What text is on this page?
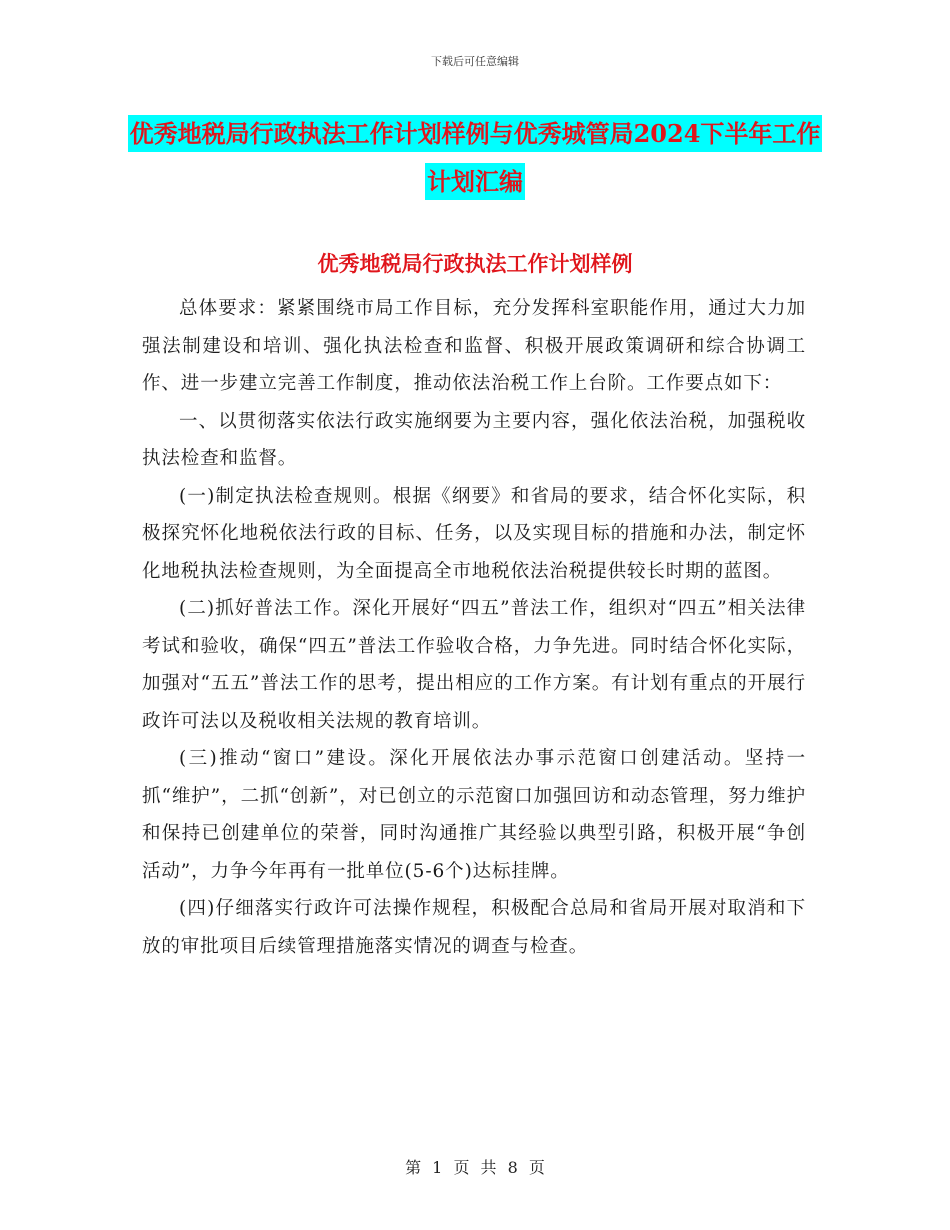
下载后可任意编辑
优秀地税局行政执法工作计划样例与优秀城管局2024下半年工作计划汇编
优秀地税局行政执法工作计划样例

总体要求：紧紧围绕市局工作目标，充分发挥科室职能作用，通过大力加强法制建设和培训、强化执法检查和监督、积极开展政策调研和综合协调工作、进一步建立完善工作制度，推动依法治税工作上台阶。工作要点如下：

一、以贯彻落实依法行政实施纲要为主要内容，强化依法治税，加强税收执法检查和监督。

(一)制定执法检查规则。根据《纲要》和省局的要求，结合怀化实际，积极探究怀化地税依法行政的目标、任务，以及实现目标的措施和办法，制定怀化地税执法检查规则，为全面提高全市地税依法治税提供较长时期的蓝图。

(二)抓好普法工作。深化开展好“四五”普法工作，组织对“四五”相关法律考试和验收，确保“四五”普法工作验收合格，力争先进。同时结合怀化实际，加强对“五五”普法工作的思考，提出相应的工作方案。有计划有重点的开展行政许可法以及税收相关法规的教育培训。

(三)推动“窗口”建设。深化开展依法办事示范窗口创建活动。坚持一抓“维护”，二抓“创新”，对已创立的示范窗口加强回访和动态管理，努力维护和保持已创建单位的荣誉，同时沟通推广其经验以典型引路，积极开展“争创活动”，力争今年再有一批单位(5-6个)达标挂牌。

(四)仔细落实行政许可法操作规程，积极配合总局和省局开展对取消和下放的审批项目后续管理措施落实情况的调查与检查。

第 1 页 共 8 页
